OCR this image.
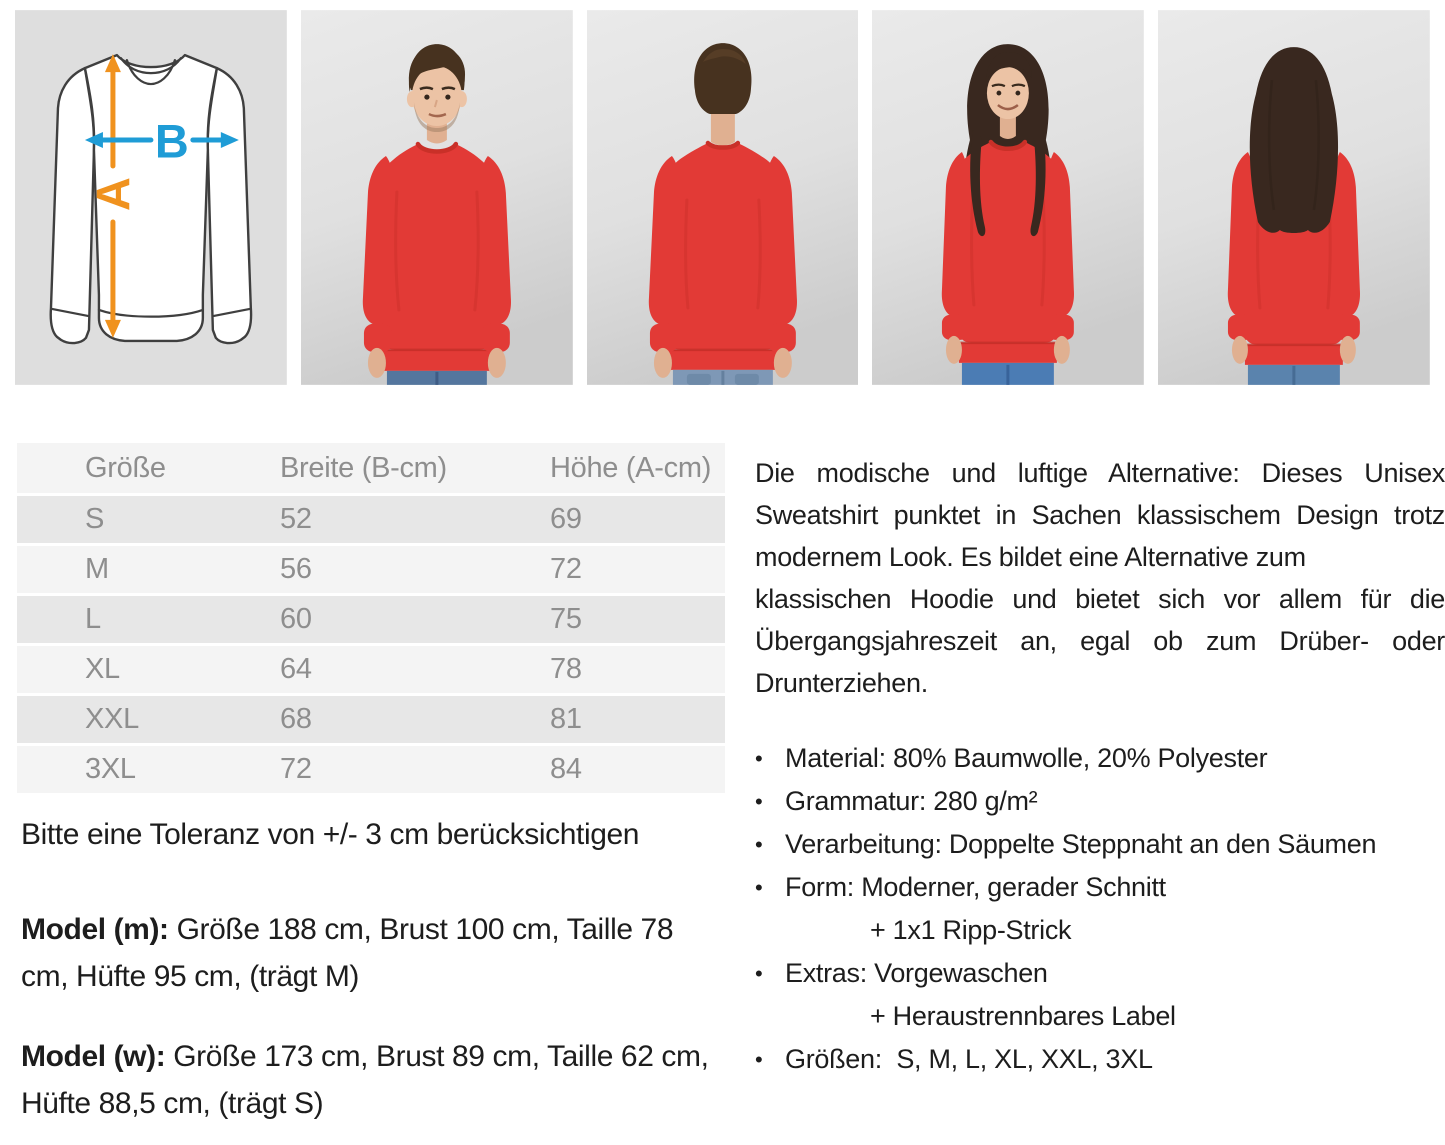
A
B
Größe	Breite (B-cm)	Höhe (A-cm)
S	52	69
M	56	72
L	60	75
XL	64	78
XXL	68	81
3XL	72	84
Bitte eine Toleranz von +/- 3 cm berücksichtigen
Model (m): Größe 188 cm, Brust 100 cm, Taille 78 cm, Hüfte 95 cm, (trägt M)
Model (w): Größe 173 cm, Brust 89 cm, Taille 62 cm, Hüfte 88,5 cm, (trägt S)

Die modische und luftige Alternative: Dieses Unisex Sweatshirt punktet in Sachen klassischem Design trotz modernem Look. Es bildet eine Alternative zum

klassischen Hoodie und bietet sich vor allem für die Übergangsjahreszeit an, egal ob zum Drüber- oder Drunterziehen.

• Material: 80% Baumwolle, 20% Polyester
• Grammatur: 280 g/m²
• Verarbeitung: Doppelte Steppnaht an den Säumen
• Form: Moderner, gerader Schnitt
+ 1x1 Ripp-Strick
• Extras: Vorgewaschen
+ Heraustrennbares Label
• Größen:  S, M, L, XL, XXL, 3XL
